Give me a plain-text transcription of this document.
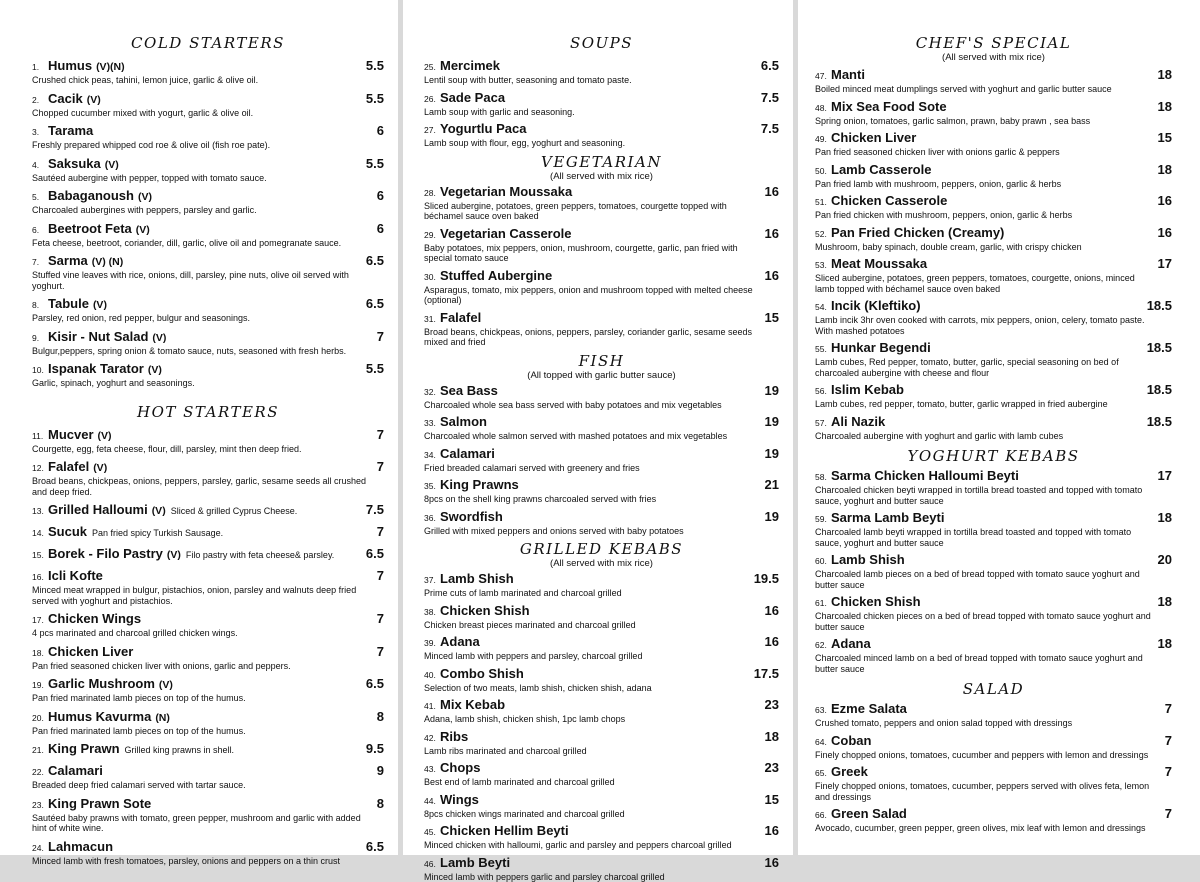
COLD STARTERS
1. Humus (V)(N)	5.5
Crushed chick peas, tahini, lemon juice, garlic & olive oil.
2. Cacik (V)	5.5
Chopped cucumber mixed with yogurt, garlic & olive oil.
3. Tarama	6
Freshly prepared whipped cod roe & olive oil (fish roe pate).
4. Saksuka (V)	5.5
Sautéed aubergine with pepper, topped with tomato sauce.
5. Babaganoush (V)	6
Charcoaled aubergines with peppers, parsley and garlic.
6. Beetroot Feta (V)	6
Feta cheese, beetroot, coriander, dill, garlic, olive oil and pomegranate sauce.
7. Sarma (V) (N)	6.5
Stuffed vine leaves with rice, onions, dill, parsley, pine nuts, olive oil served with yoghurt.
8. Tabule (V)	6.5
Parsley, red onion, red pepper, bulgur and seasonings.
9. Kisir - Nut Salad (V)	7
Bulgur,peppers, spring onion & tomato sauce, nuts, seasoned with fresh herbs.
10. Ispanak Tarator (V)	5.5
Garlic, spinach, yoghurt and seasonings.
HOT STARTERS
11. Mucver (V)	7
Courgette, egg, feta cheese, flour, dill, parsley, mint then deep fried.
12. Falafel (V)	7
Broad beans, chickpeas, onions, peppers, parsley, garlic, sesame seeds all crushed and deep fried.
13. Grilled Halloumi (V) Sliced & grilled Cyprus Cheese.	7.5
14. Sucuk Pan fried spicy Turkish Sausage.	7
15. Borek - Filo Pastry (V) Filo pastry with feta cheese& parsley.	6.5
16. Icli Kofte	7
Minced meat wrapped in bulgur, pistachios, onion, parsley and walnuts deep fried served with yoghurt and pistachios.
17. Chicken Wings	7
4 pcs marinated and charcoal grilled chicken wings.
18. Chicken Liver	7
Pan fried seasoned chicken liver with onions, garlic and peppers.
19. Garlic Mushroom (V)	6.5
Pan fried marinated lamb pieces on top of the humus.
20. Humus Kavurma (N)	8
Pan fried marinated lamb pieces on top of the humus.
21. King Prawn Grilled king prawns in shell.	9.5
22. Calamari	9
Breaded deep fried calamari served with tartar sauce.
23. King Prawn Sote	8
Sautéed baby prawns with tomato, green pepper, mushroom and garlic with added hint of white wine.
24. Lahmacun	6.5
Minced lamb with fresh tomatoes, parsley, onions and peppers on a thin crust
SOUPS
25. Mercimek	6.5
Lentil soup with butter, seasoning and tomato paste.
26. Sade Paca	7.5
Lamb soup with garlic and seasoning.
27. Yogurtlu Paca	7.5
Lamb soup with flour, egg, yoghurt and seasoning.
VEGETARIAN
(All served with mix rice)
28. Vegetarian Moussaka	16
Sliced aubergine, potatoes, green peppers, tomatoes, courgette topped with béchamel sauce oven baked
29. Vegetarian Casserole	16
Baby potatoes, mix peppers, onion, mushroom, courgette, garlic, pan fried with special tomato sauce
30. Stuffed Aubergine	16
Asparagus, tomato, mix peppers, onion and mushroom topped with melted cheese (optional)
31. Falafel	15
Broad beans, chickpeas, onions, peppers, parsley, coriander garlic, sesame seeds mixed and fried
FISH
(All topped with garlic butter sauce)
32. Sea Bass	19
Charcoaled whole sea bass served with baby potatoes and mix vegetables
33. Salmon	19
Charcoaled whole salmon served with mashed potatoes and mix vegetables
34. Calamari	19
Fried breaded calamari served with greenery and fries
35. King Prawns	21
8pcs on the shell king prawns charcoaled served with fries
36. Swordfish	19
Grilled with mixed peppers and onions served with baby potatoes
GRILLED KEBABS
(All served with mix rice)
37. Lamb Shish	19.5
Prime cuts of lamb marinated and charcoal grilled
38. Chicken Shish	16
Chicken breast pieces marinated and charcoal grilled
39. Adana	16
Minced lamb with peppers and parsley, charcoal grilled
40. Combo Shish	17.5
Selection of two meats, lamb shish, chicken shish, adana
41. Mix Kebab	23
Adana, lamb shish, chicken shish, 1pc lamb chops
42. Ribs	18
Lamb ribs marinated and charcoal grilled
43. Chops	23
Best end of lamb marinated and charcoal grilled
44. Wings	15
8pcs chicken wings marinated and charcoal grilled
45. Chicken Hellim Beyti	16
Minced chicken with halloumi, garlic and parsley and peppers charcoal grilled
46. Lamb Beyti	16
Minced lamb with peppers garlic and parsley charcoal grilled
CHEF'S SPECIAL
(All served with mix rice)
47. Manti	18
Boiled minced meat dumplings served with yoghurt and garlic butter sauce
48. Mix Sea Food Sote	18
Spring onion, tomatoes, garlic salmon, prawn, baby prawn , sea bass
49. Chicken Liver	15
Pan fried seasoned chicken liver with onions garlic & peppers
50. Lamb Casserole	18
Pan fried lamb with mushroom, peppers, onion, garlic & herbs
51. Chicken Casserole	16
Pan fried chicken with mushroom, peppers, onion, garlic & herbs
52. Pan Fried Chicken (Creamy)	16
Mushroom, baby spinach, double cream, garlic, with crispy chicken
53. Meat Moussaka	17
Sliced aubergine, potatoes, green peppers, tomatoes, courgette, onions, minced lamb topped with béchamel sauce oven baked
54. Incik (Kleftiko)	18.5
Lamb incik 3hr oven cooked with carrots, mix peppers, onion, celery, tomato paste. With mashed potatoes
55. Hunkar Begendi	18.5
Lamb cubes, Red pepper, tomato, butter, garlic, special seasoning on bed of charcoaled aubergine with cheese and flour
56. Islim Kebab	18.5
Lamb cubes, red pepper, tomato, butter, garlic wrapped in fried aubergine
57. Ali Nazik	18.5
Charcoaled aubergine with yoghurt and garlic with lamb cubes
YOGHURT KEBABS
58. Sarma Chicken Halloumi Beyti	17
Charcoaled chicken beyti wrapped in tortilla bread toasted and topped with tomato sauce, yoghurt and butter sauce
59. Sarma Lamb Beyti	18
Charcoaled lamb beyti wrapped in tortilla bread toasted and topped with tomato sauce, yoghurt and butter sauce
60. Lamb Shish	20
Charcoaled lamb pieces on a bed of bread topped with tomato sauce yoghurt and butter sauce
61. Chicken Shish	18
Charcoaled chicken pieces on a bed of bread topped with tomato sauce yoghurt and butter sauce
62. Adana	18
Charcoaled minced lamb on a bed of bread topped with tomato sauce yoghurt and butter sauce
SALAD
63. Ezme Salata	7
Crushed tomato, peppers and onion salad topped with dressings
64. Coban	7
Finely chopped onions, tomatoes, cucumber and peppers with lemon and dressings
65. Greek	7
Finely chopped onions, tomatoes, cucumber, peppers served with olives feta, lemon and dressings
66. Green Salad	7
Avocado, cucumber, green pepper, green olives, mix leaf with lemon and dressings
